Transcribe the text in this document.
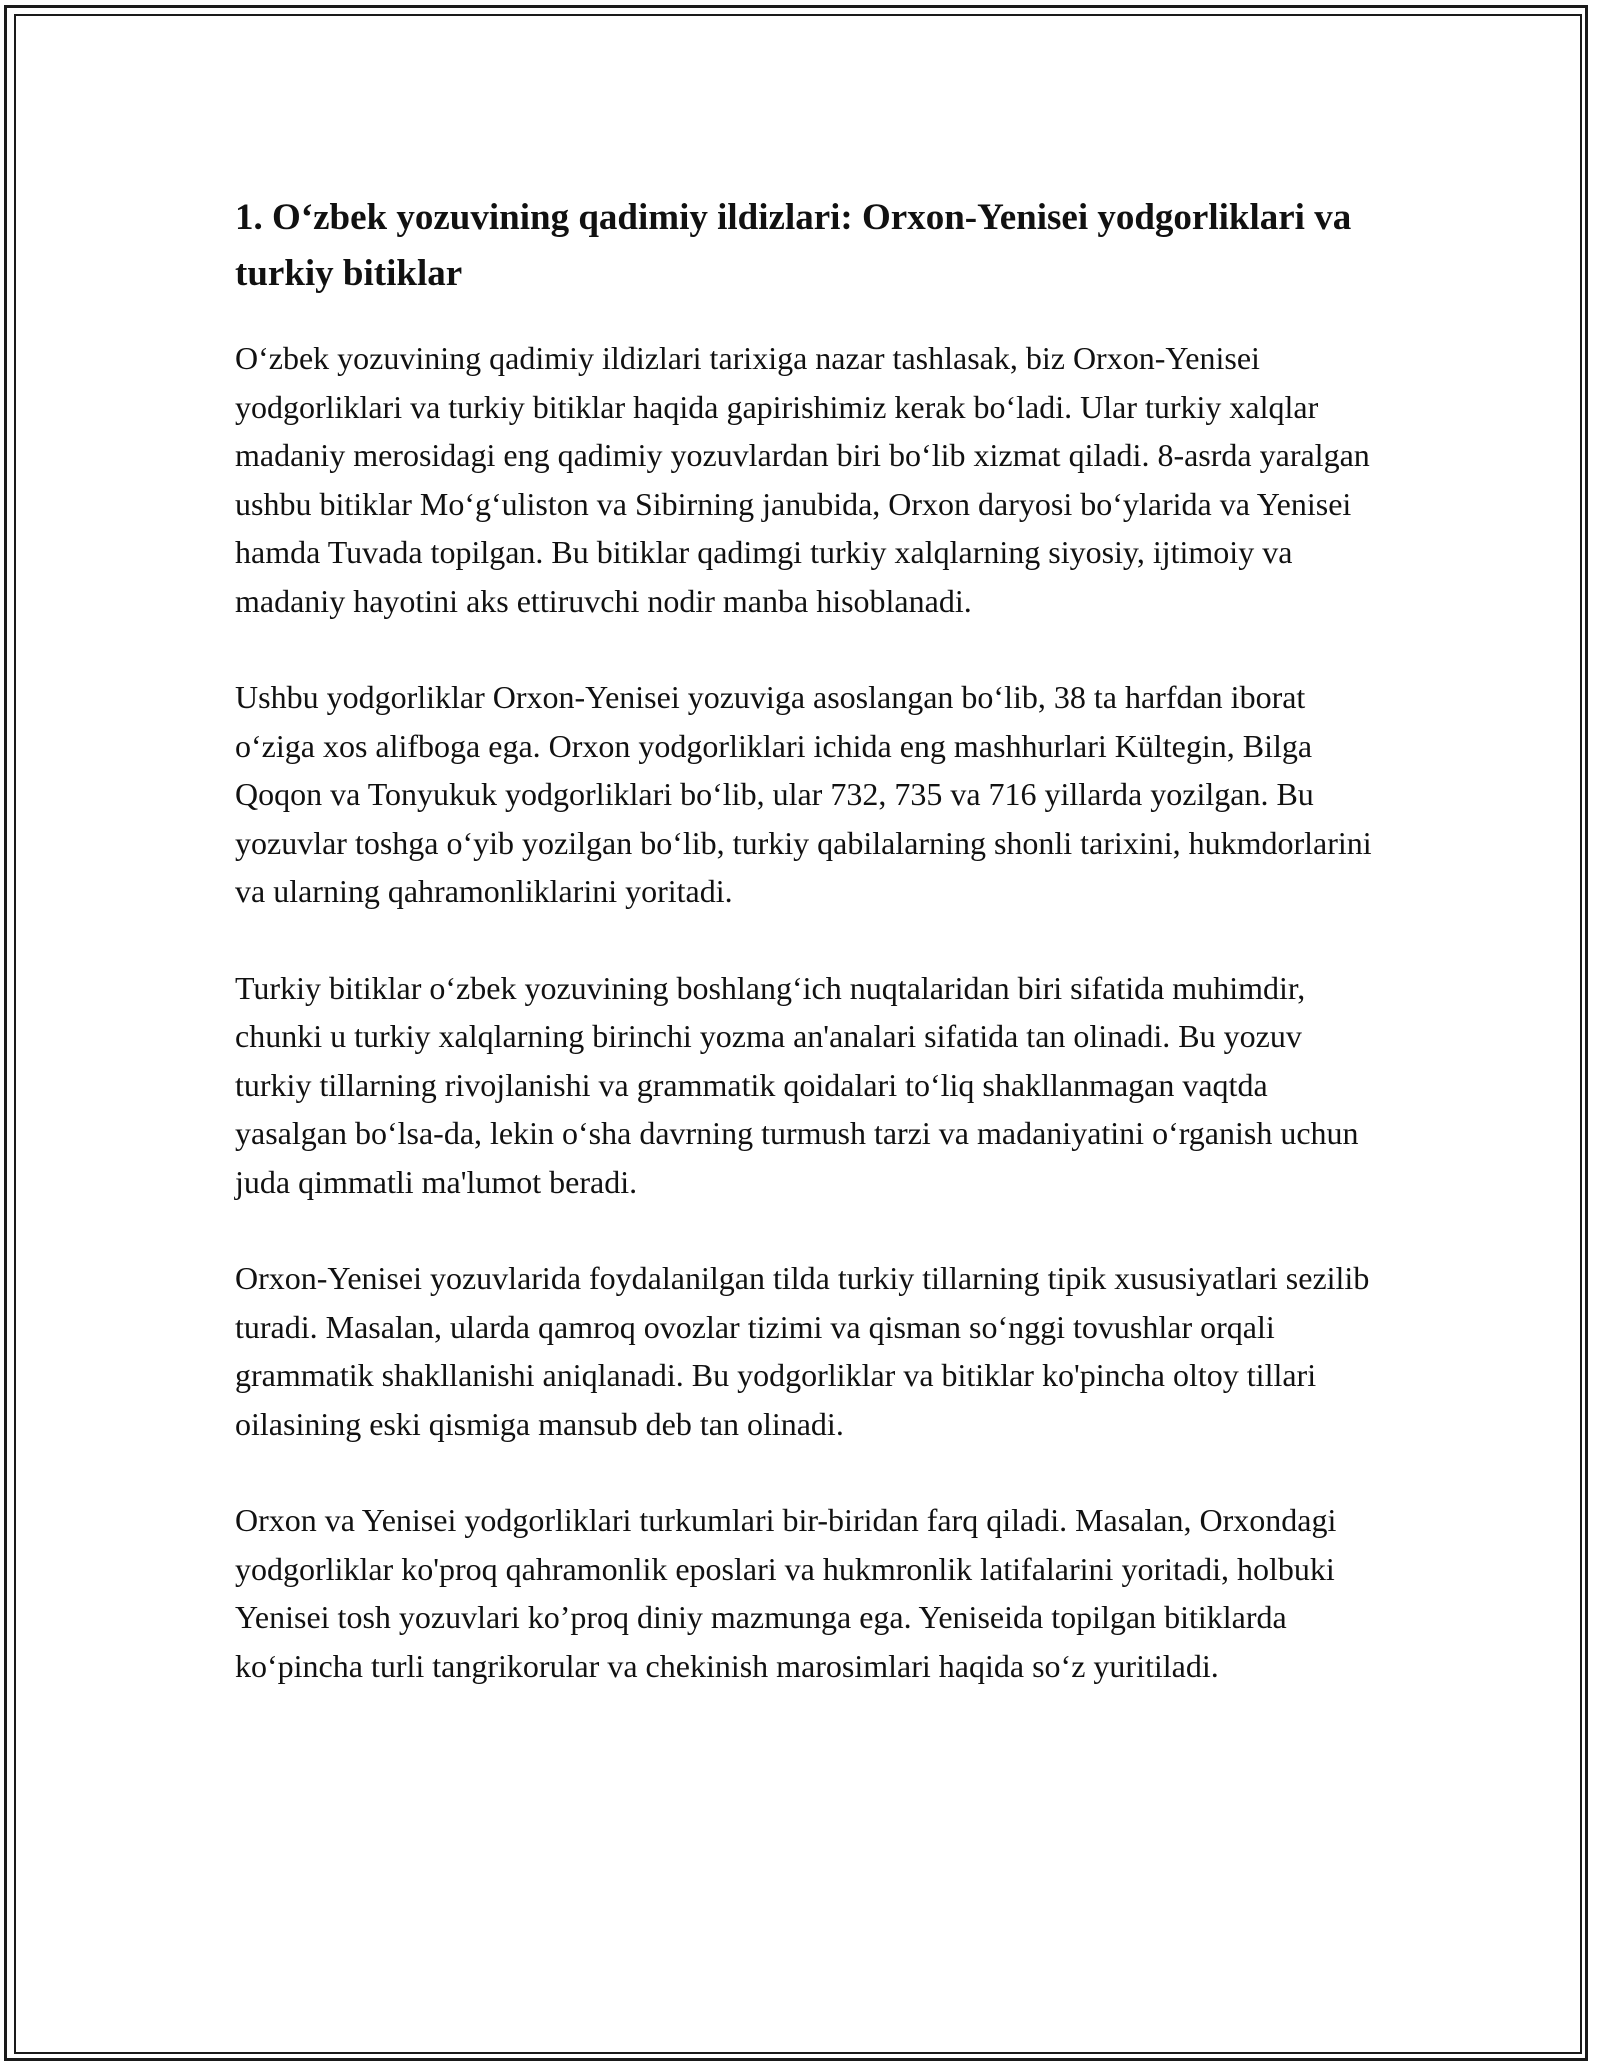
1. O‘zbek yozuvining qadimiy ildizlari: Orxon-Yenisei yodgorliklari va turkiy bitiklar

O‘zbek yozuvining qadimiy ildizlari tarixiga nazar tashlasak, biz Orxon-Yenisei yodgorliklari va turkiy bitiklar haqida gapirishimiz kerak bo‘ladi. Ular turkiy xalqlar madaniy merosidagi eng qadimiy yozuvlardan biri bo‘lib xizmat qiladi. 8-asrda yaralgan ushbu bitiklar Mo‘g‘uliston va Sibirning janubida, Orxon daryosi bo‘ylarida va Yenisei hamda Tuvada topilgan. Bu bitiklar qadimgi turkiy xalqlarning siyosiy, ijtimoiy va madaniy hayotini aks ettiruvchi nodir manba hisoblanadi.

Ushbu yodgorliklar Orxon-Yenisei yozuviga asoslangan bo‘lib, 38 ta harfdan iborat o‘ziga xos alifboga ega. Orxon yodgorliklari ichida eng mashhurlari Kültegin, Bilga Qoqon va Tonyukuk yodgorliklari bo‘lib, ular 732, 735 va 716 yillarda yozilgan. Bu yozuvlar toshga o‘yib yozilgan bo‘lib, turkiy qabilalarning shonli tarixini, hukmdorlarini va ularning qahramonliklarini yoritadi.

Turkiy bitiklar o‘zbek yozuvining boshlang‘ich nuqtalaridan biri sifatida muhimdir, chunki u turkiy xalqlarning birinchi yozma an'analari sifatida tan olinadi. Bu yozuv turkiy tillarning rivojlanishi va grammatik qoidalari to‘liq shakllanmagan vaqtda yasalgan bo‘lsa-da, lekin o‘sha davrning turmush tarzi va madaniyatini o‘rganish uchun juda qimmatli ma'lumot beradi.

Orxon-Yenisei yozuvlarida foydalanilgan tilda turkiy tillarning tipik xususiyatlari sezilib turadi. Masalan, ularda qamroq ovozlar tizimi va qisman so‘nggi tovushlar orqali grammatik shakllanishi aniqlanadi. Bu yodgorliklar va bitiklar ko'pincha oltoy tillari oilasining eski qismiga mansub deb tan olinadi.

Orxon va Yenisei yodgorliklari turkumlari bir-biridan farq qiladi. Masalan, Orxondagi yodgorliklar ko'proq qahramonlik eposlari va hukmronlik latifalarini yoritadi, holbuki Yenisei tosh yozuvlari ko’proq diniy mazmunga ega. Yeniseida topilgan bitiklarda ko‘pincha turli tangrikorular va chekinish marosimlari haqida so‘z yuritiladi.
